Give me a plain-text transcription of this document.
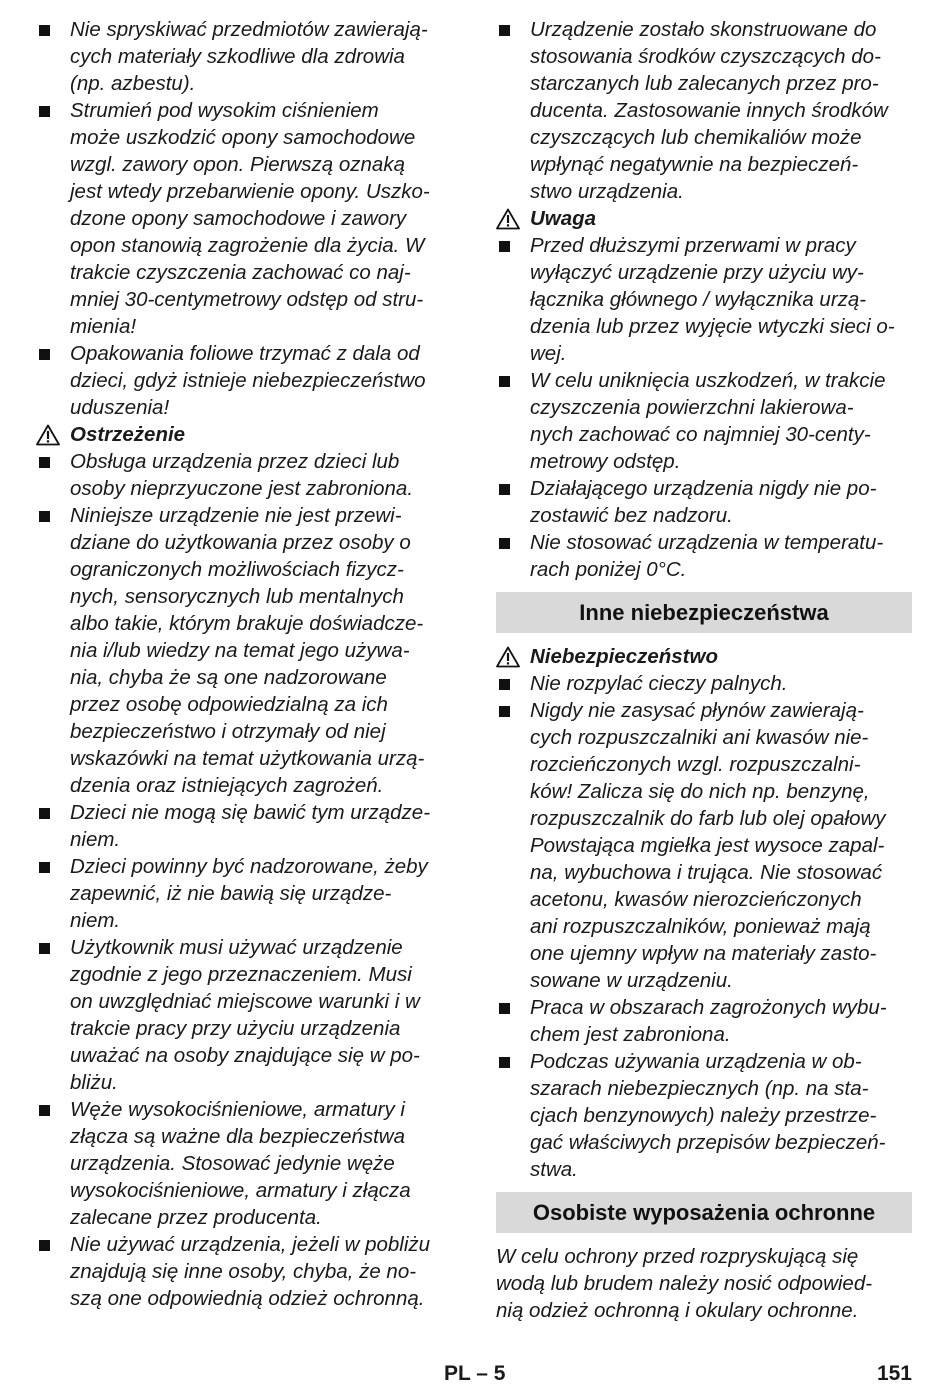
Nie spryskiwać przedmiotów zawierają-
cych materiały szkodliwe dla zdrowia
(np. azbestu).

Strumień pod wysokim ciśnieniem
może uszkodzić opony samochodowe
wzgl. zawory opon. Pierwszą oznaką
jest wtedy przebarwienie opony. Uszko-
dzone opony samochodowe i zawory
opon stanowią zagrożenie dla życia. W
trakcie czyszczenia zachować co naj-
mniej 30-centymetrowy odstęp od stru-
mienia!

Opakowania foliowe trzymać z dala od
dzieci, gdyż istnieje niebezpieczeństwo
uduszenia!

Ostrzeżenie

Obsługa urządzenia przez dzieci lub
osoby nieprzyuczone jest zabroniona.

Niniejsze urządzenie nie jest przewi-
dziane do użytkowania przez osoby o
ograniczonych możliwościach fizycz-
nych, sensorycznych lub mentalnych
albo takie, którym brakuje doświadcze-
nia i/lub wiedzy na temat jego używa-
nia, chyba że są one nadzorowane
przez osobę odpowiedzialną za ich
bezpieczeństwo i otrzymały od niej
wskazówki na temat użytkowania urzą-
dzenia oraz istniejących zagrożeń.

Dzieci nie mogą się bawić tym urządze-
niem.

Dzieci powinny być nadzorowane, żeby
zapewnić, iż nie bawią się urządze-
niem.

Użytkownik musi używać urządzenie
zgodnie z jego przeznaczeniem. Musi
on uwzględniać miejscowe warunki i w
trakcie pracy przy użyciu urządzenia
uważać na osoby znajdujące się w po-
bliżu.

Węże wysokociśnieniowe, armatury i
złącza są ważne dla bezpieczeństwa
urządzenia. Stosować jedynie węże
wysokociśnieniowe, armatury i złącza
zalecane przez producenta.

Nie używać urządzenia, jeżeli w pobliżu
znajdują się inne osoby, chyba, że no-
szą one odpowiednią odzież ochronną.

Urządzenie zostało skonstruowane do
stosowania środków czyszczących do-
starczanych lub zalecanych przez pro-
ducenta. Zastosowanie innych środków
czyszczących lub chemikaliów może
wpłynąć negatywnie na bezpieczeń-
stwo urządzenia.

Uwaga

Przed dłuższymi przerwami w pracy
wyłączyć urządzenie przy użyciu wy-
łącznika głównego / wyłącznika urzą-
dzenia lub przez wyjęcie wtyczki sieci o-
wej.

W celu uniknięcia uszkodzeń, w trakcie
czyszczenia powierzchni lakierowa-
nych zachować co najmniej 30-centy-
metrowy odstęp.

Działającego urządzenia nigdy nie po-
zostawić bez nadzoru.

Nie stosować urządzenia w temperatu-
rach poniżej 0°C.

Inne niebezpieczeństwa

Niebezpieczeństwo

Nie rozpylać cieczy palnych.

Nigdy nie zasysać płynów zawierają-
cych rozpuszczalniki ani kwasów nie-
rozcieńczonych wzgl. rozpuszczalni-
ków! Zalicza się do nich np. benzynę,
rozpuszczalnik do farb lub olej opałowy
Powstająca mgiełka jest wysoce zapal-
na, wybuchowa i trująca. Nie stosować
acetonu, kwasów nierozcieńczonych
ani rozpuszczalników, ponieważ mają
one ujemny wpływ na materiały zasto-
sowane w urządzeniu.

Praca w obszarach zagrożonych wybu-
chem jest zabroniona.

Podczas używania urządzenia w ob-
szarach niebezpiecznych (np. na sta-
cjach benzynowych) należy przestrze-
gać właściwych przepisów bezpieczeń-
stwa.

Osobiste wyposażenia ochronne

W celu ochrony przed rozpryskującą się
wodą lub brudem należy nosić odpowied-
nią odzież ochronną i okulary ochronne.

PL – 5	151
